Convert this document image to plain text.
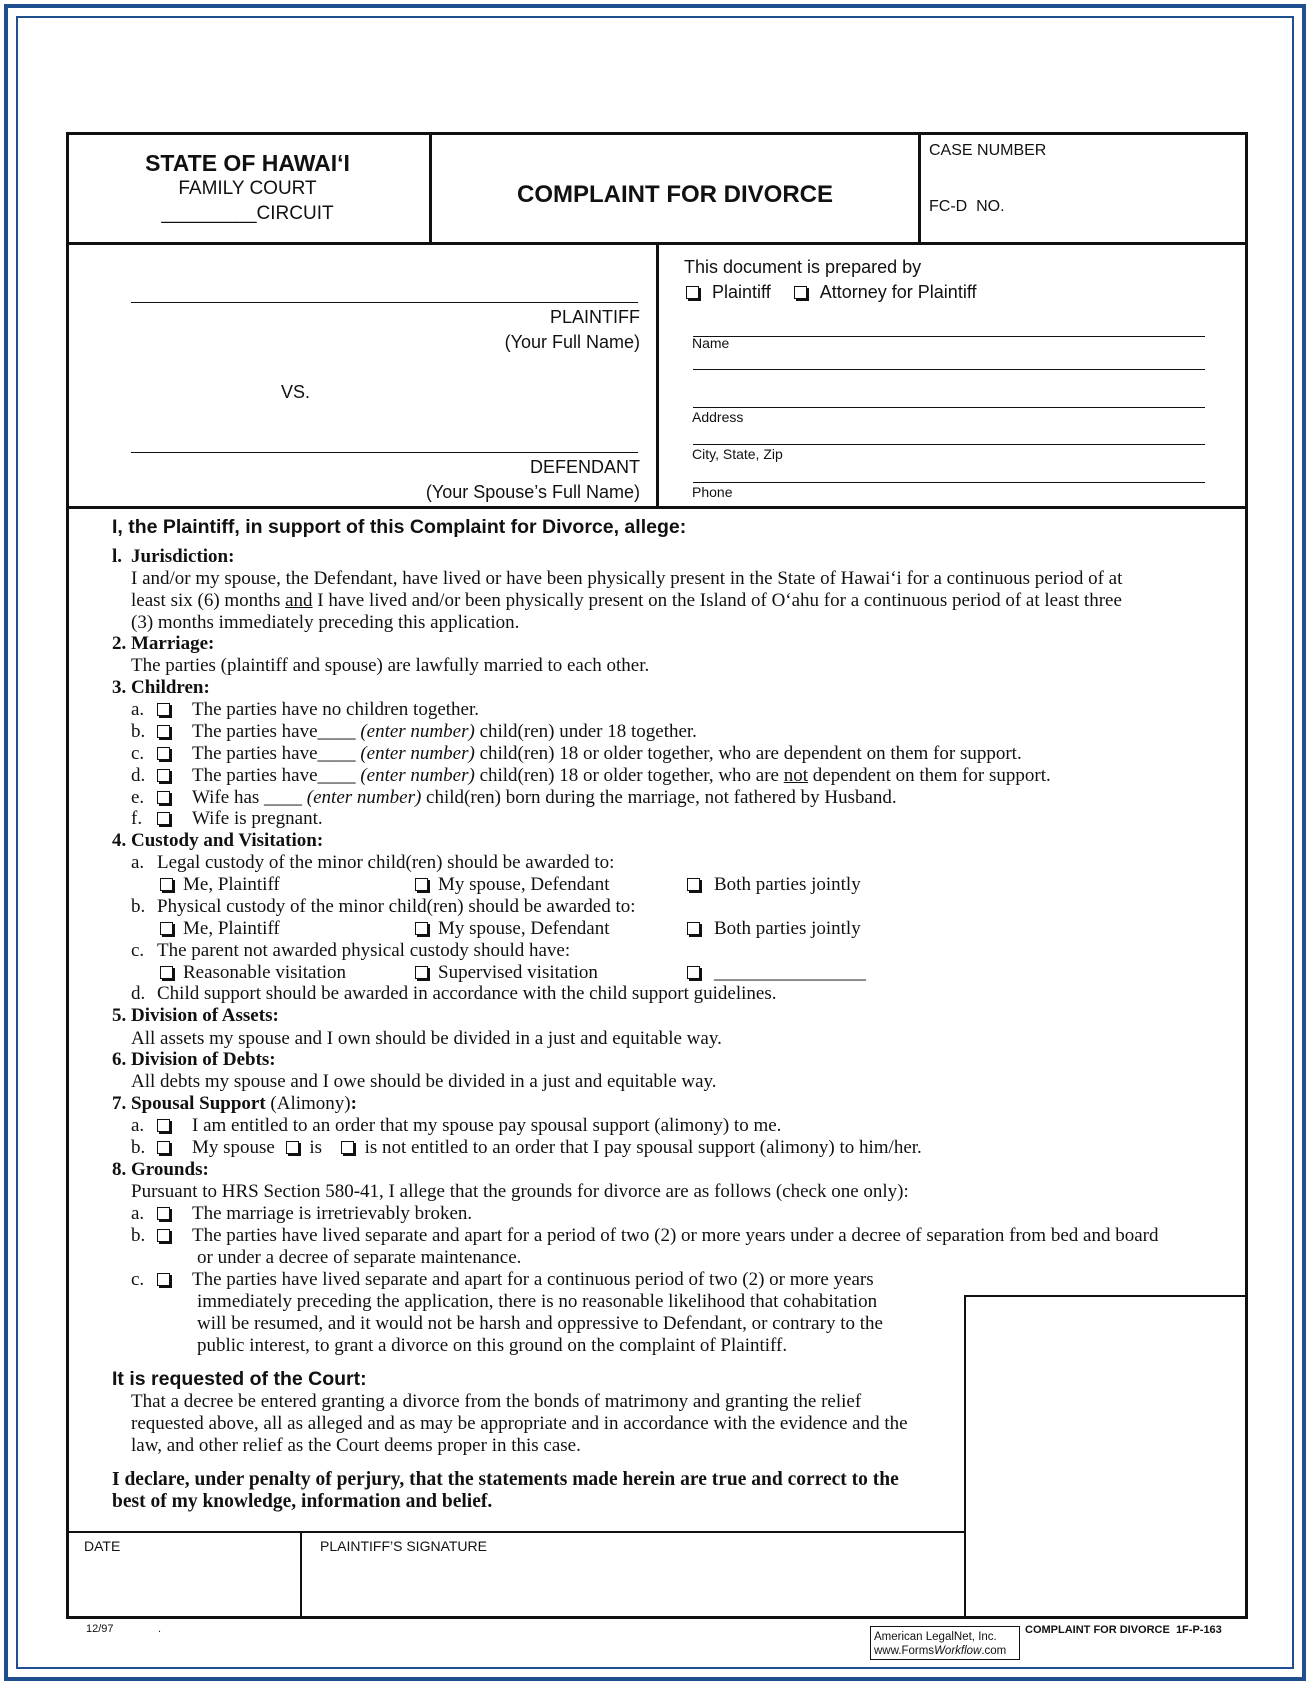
STATE OF HAWAI‘I
FAMILY COURT
_________CIRCUIT
COMPLAINT FOR DIVORCE
CASE NUMBER
FC-D  NO.
PLAINTIFF
(Your Full Name)
VS.
DEFENDANT
(Your Spouse’s Full Name)
This document is prepared by
Plaintiff	Attorney for Plaintiff
Name
Address
City, State, Zip
Phone
I, the Plaintiff, in support of this Complaint for Divorce, allege:
l. Jurisdiction:
I and/or my spouse, the Defendant, have lived or have been physically present in the State of Hawai‘i for a continuous period of at
least six (6) months and I have lived and/or been physically present on the Island of O‘ahu for a continuous period of at least three
(3) months immediately preceding this application.
2. Marriage:
The parties (plaintiff and spouse) are lawfully married to each other.
3. Children:
a.	The parties have no children together.
b. The parties have____ (enter number) child(ren) under 18 together.
c.	The parties have____ (enter number) child(ren) 18 or older together, who are dependent on them for support.
d. The parties have____ (enter number) child(ren) 18 or older together, who are not dependent on them for support.
e.	Wife has ____ (enter number) child(ren) born during the marriage, not fathered by Husband.
f.	Wife is pregnant.
4. Custody and Visitation:
a. Legal custody of the minor child(ren) should be awarded to:
Me, Plaintiff	My spouse, Defendant	Both parties jointly
b. Physical custody of the minor child(ren) should be awarded to:
Me, Plaintiff	My spouse, Defendant	Both parties jointly
c. The parent not awarded physical custody should have:
Reasonable visitation	Supervised visitation	________________
d. Child support should be awarded in accordance with the child support guidelines.
5. Division of Assets:
All assets my spouse and I own should be divided in a just and equitable way.
6. Division of Debts:
All debts my spouse and I owe should be divided in a just and equitable way.
7. Spousal Support (Alimony):
a.	I am entitled to an order that my spouse pay spousal support (alimony) to me.
b. My spouse is is not entitled to an order that I pay spousal support (alimony) to him/her.
8. Grounds:
Pursuant to HRS Section 580-41, I allege that the grounds for divorce are as follows (check one only):
a.	The marriage is irretrievably broken.
b. The parties have lived separate and apart for a period of two (2) or more years under a decree of separation from bed and board
or under a decree of separate maintenance.
c.	The parties have lived separate and apart for a continuous period of two (2) or more years
immediately preceding the application, there is no reasonable likelihood that cohabitation
will be resumed, and it would not be harsh and oppressive to Defendant, or contrary to the
public interest, to grant a divorce on this ground on the complaint of Plaintiff.
It is requested of the Court:
That a decree be entered granting a divorce from the bonds of matrimony and granting the relief
requested above, all as alleged and as may be appropriate and in accordance with the evidence and the
law, and other relief as the Court deems proper in this case.
I declare, under penalty of perjury, that the statements made herein are true and correct to the
best of my knowledge, information and belief.
DATE	PLAINTIFF’S SIGNATURE
12/97	.
American LegalNet, Inc.
www.FormsWorkflow.com
COMPLAINT FOR DIVORCE  1F-P-163
